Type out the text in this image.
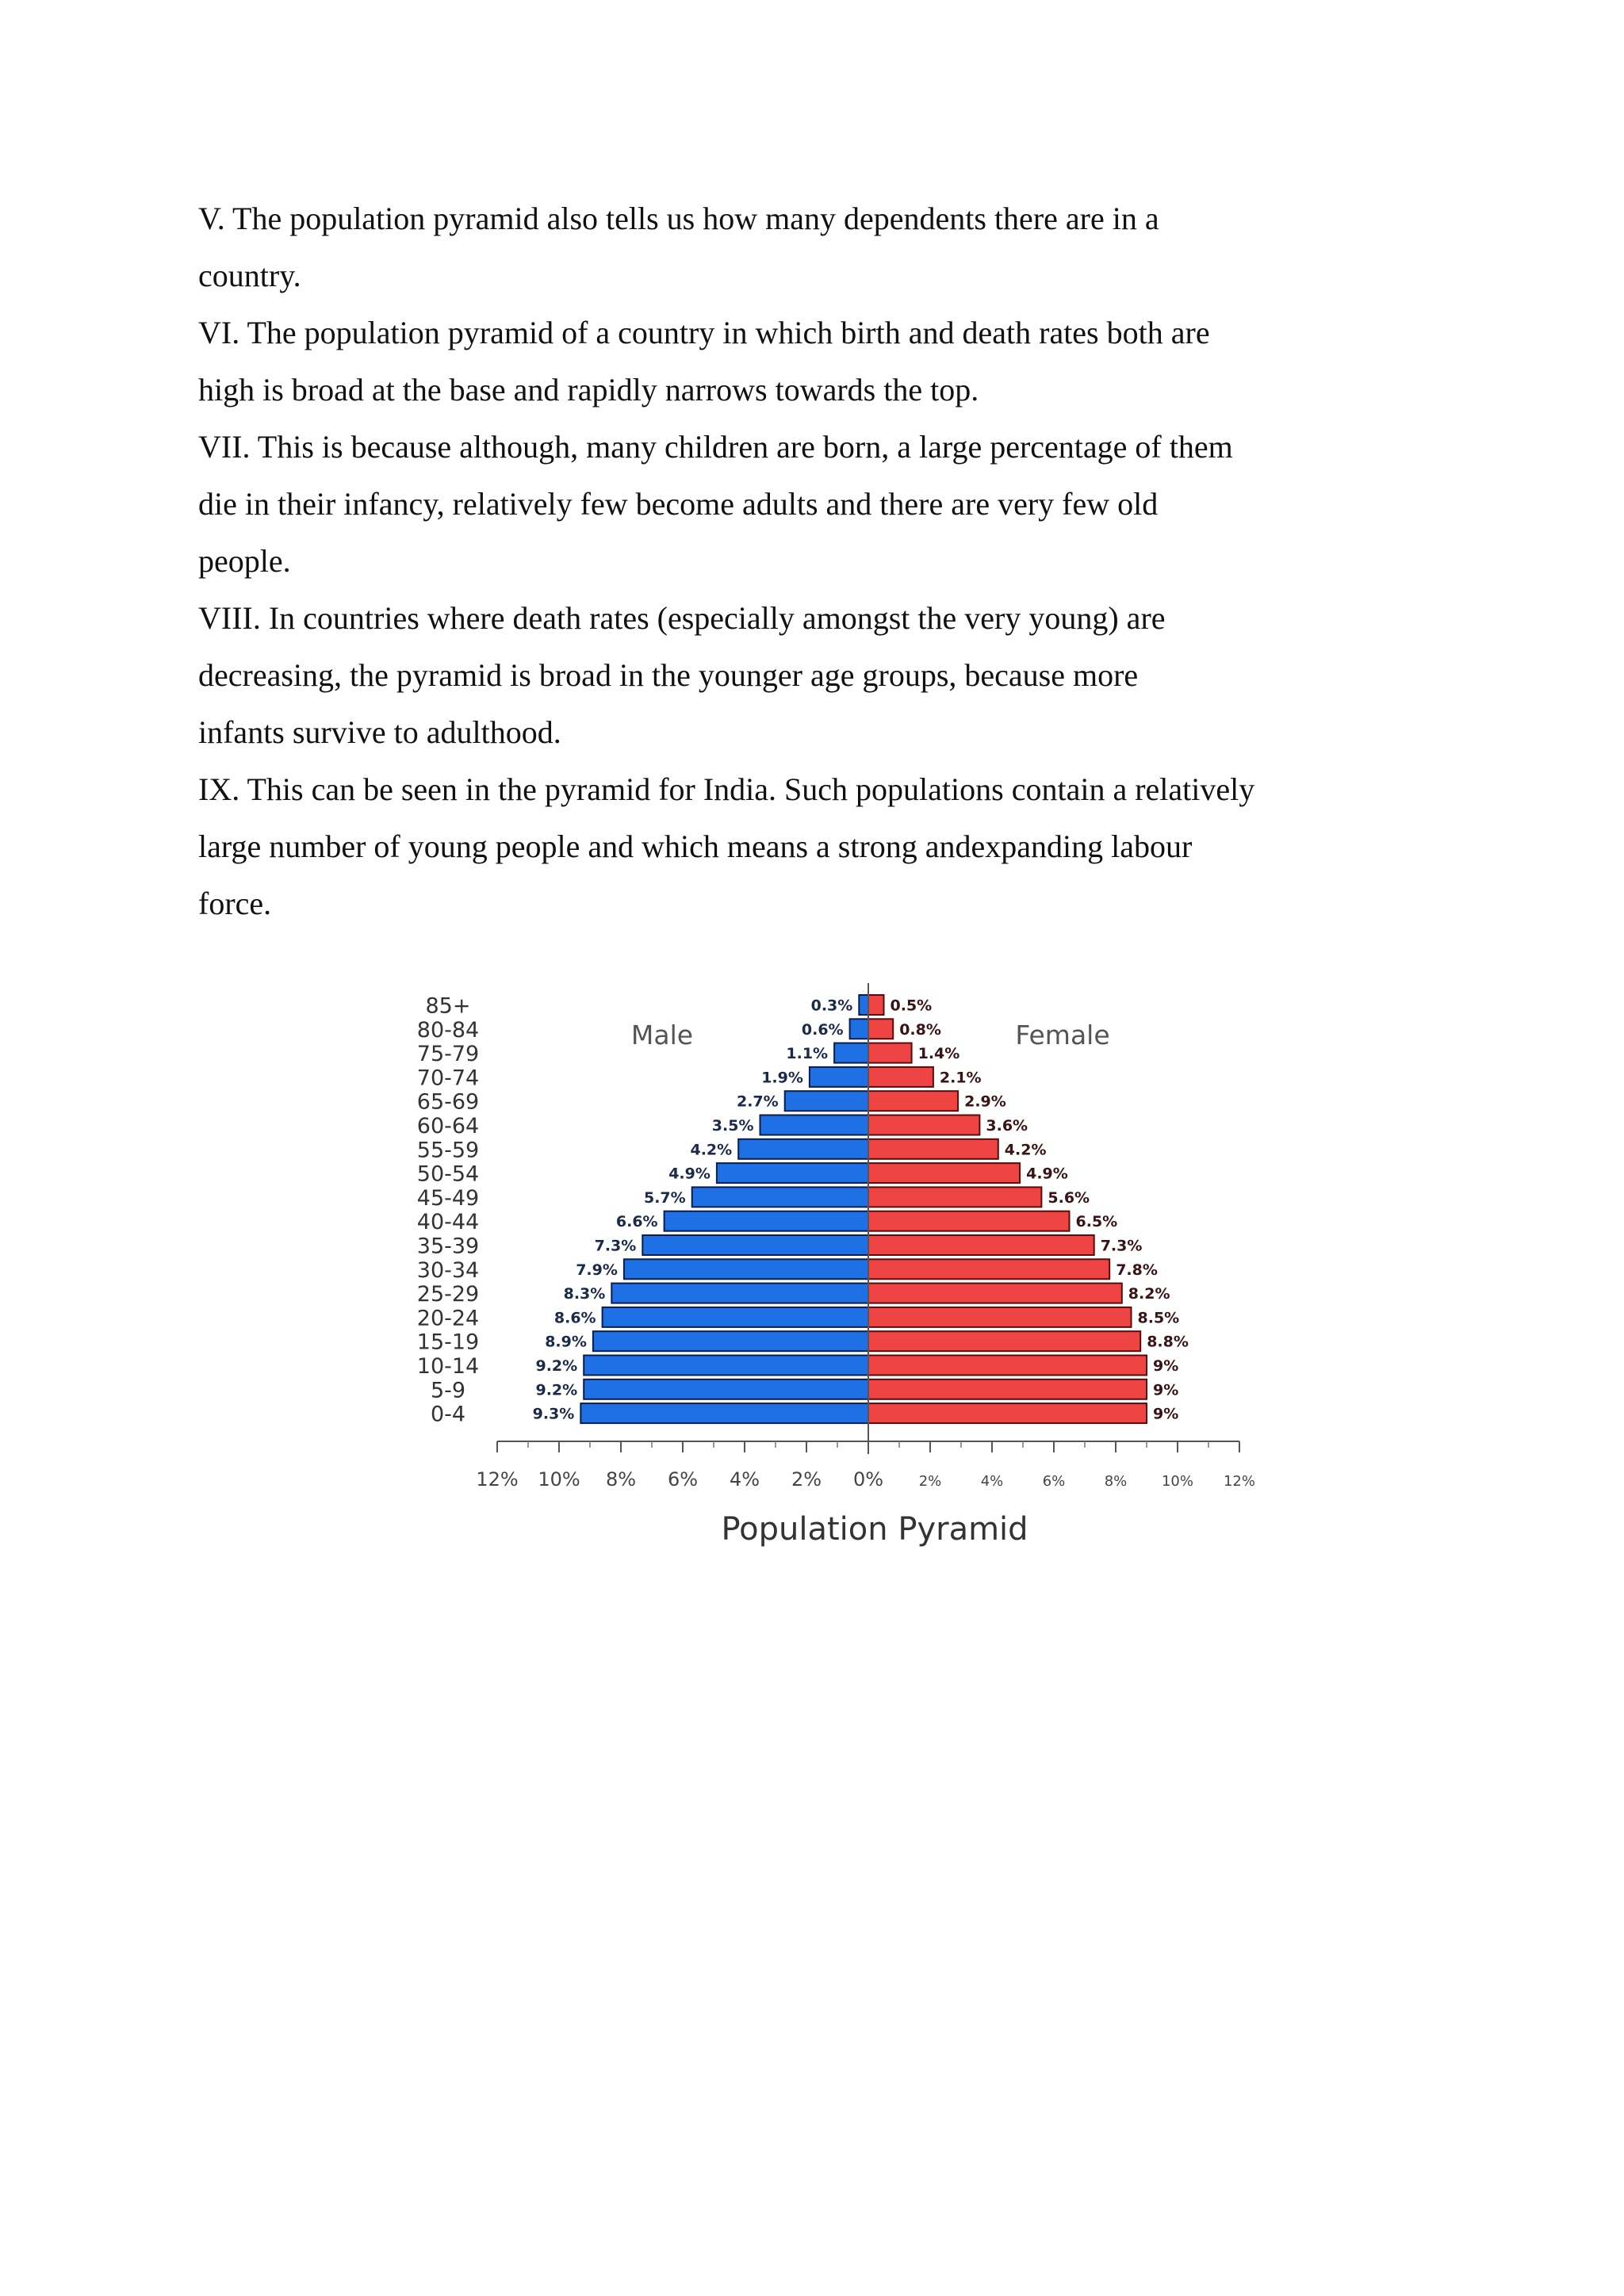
V. The population pyramid also tells us how many dependents there are in a
country.
VI. The population pyramid of a country in which birth and death rates both are
high is broad at the base and rapidly narrows towards the top.
VII. This is because although, many children are born, a large percentage of them
die in their infancy, relatively few become adults and there are very few old
people.
VIII. In countries where death rates (especially amongst the very young) are
decreasing, the pyramid is broad in the younger age groups, because more
infants survive to adulthood.
IX. This can be seen in the pyramid for India. Such populations contain a relatively
large number of young people and which means a strong andexpanding labour
force.
85+	0.3% 0.5%
80-84	0.6%	0.8%
75-79	1.1%	1.4%
70-74	1.9%	2.1%
65-69	2.7%	2.9%
60-64	3.5%	3.6%
55-59	4.2%	4.2%
50-54	4.9%	4.9%
45-49	5.7%	5.6%
40-44	6.6%	6.5%
35-39	7.3%	7.3%
30-34	7.9%	7.8%
25-29	8.3%	8.2%
20-24	8.6%	8.5%
15-19	8.9%	8.8%
10-14	9.2%	9%
5-9	9.2%	9%
0-4	9.3%	9%
12% 10% 8% 6% 4% 2% 0% 2%	4%	6%	8% 10% 12%
Male	Female
Population Pyramid
